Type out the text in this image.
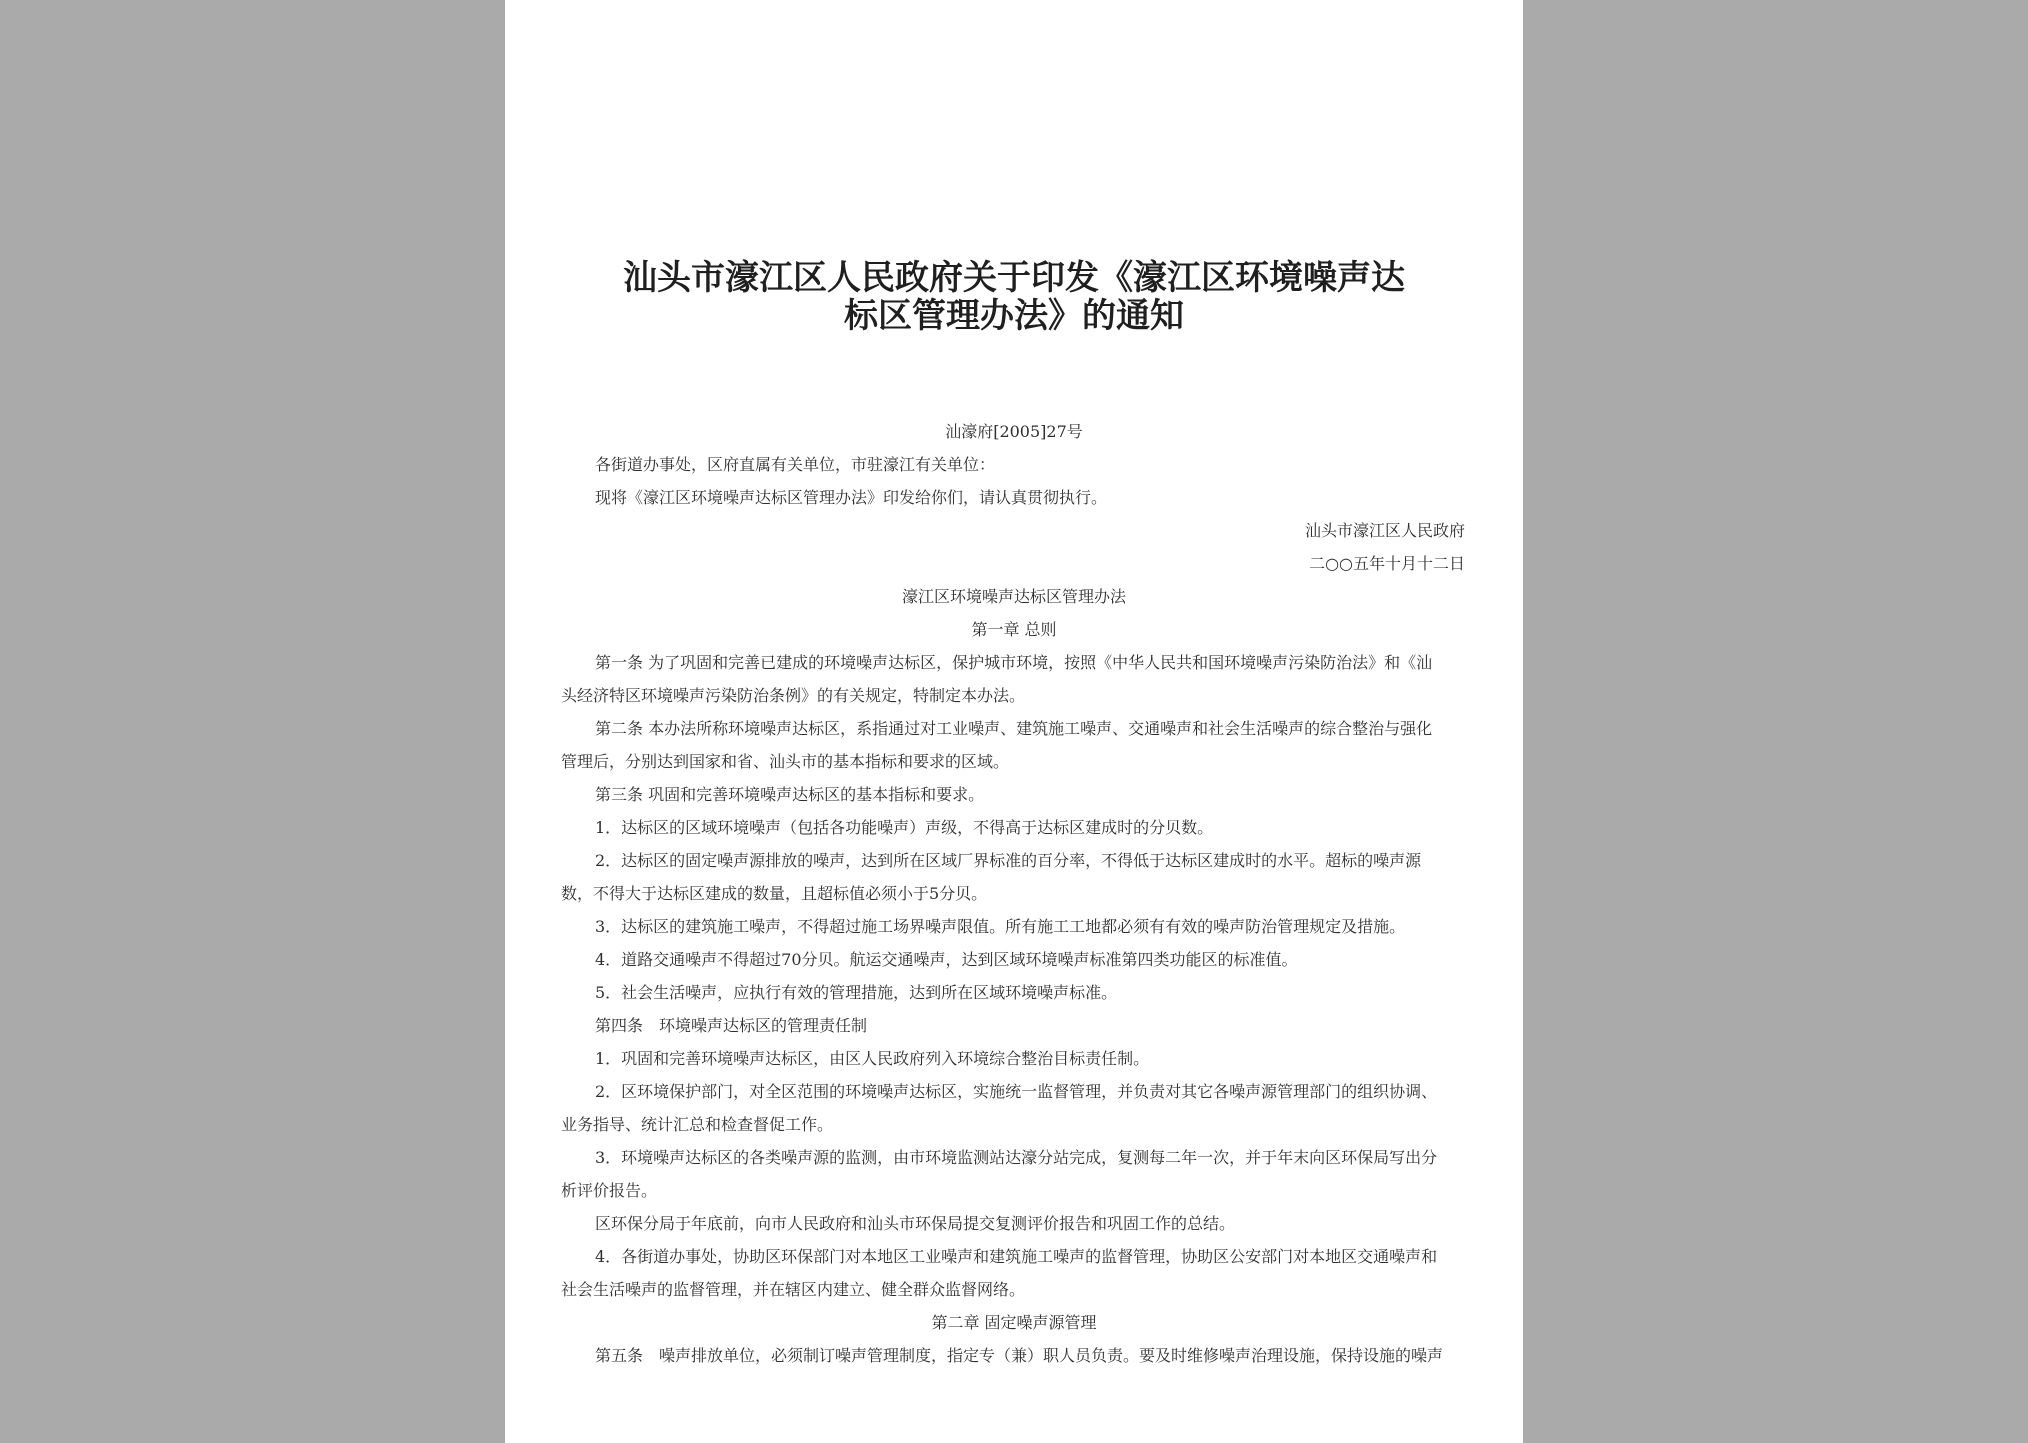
汕头市濠江区人民政府关于印发《濠江区环境噪声达
标区管理办法》的通知
汕濠府[2005]27号
各街道办事处，区府直属有关单位，市驻濠江有关单位：
现将《濠江区环境噪声达标区管理办法》印发给你们，请认真贯彻执行。
汕头市濠江区人民政府
二○○五年十月十二日
濠江区环境噪声达标区管理办法
第一章 总则
第一条 为了巩固和完善已建成的环境噪声达标区，保护城市环境，按照《中华人民共和国环境噪声污染防治法》和《汕
头经济特区环境噪声污染防治条例》的有关规定，特制定本办法。
第二条 本办法所称环境噪声达标区，系指通过对工业噪声、建筑施工噪声、交通噪声和社会生活噪声的综合整治与强化
管理后，分别达到国家和省、汕头市的基本指标和要求的区域。
第三条 巩固和完善环境噪声达标区的基本指标和要求。
1．达标区的区域环境噪声（包括各功能噪声）声级，不得高于达标区建成时的分贝数。
2．达标区的固定噪声源排放的噪声，达到所在区域厂界标准的百分率，不得低于达标区建成时的水平。超标的噪声源
数，不得大于达标区建成的数量，且超标值必须小于5分贝。
3．达标区的建筑施工噪声，不得超过施工场界噪声限值。所有施工工地都必须有有效的噪声防治管理规定及措施。
4．道路交通噪声不得超过70分贝。航运交通噪声，达到区域环境噪声标准第四类功能区的标准值。
5．社会生活噪声，应执行有效的管理措施，达到所在区域环境噪声标准。
第四条　环境噪声达标区的管理责任制
1．巩固和完善环境噪声达标区，由区人民政府列入环境综合整治目标责任制。
2．区环境保护部门，对全区范围的环境噪声达标区，实施统一监督管理，并负责对其它各噪声源管理部门的组织协调、
业务指导、统计汇总和检查督促工作。
3．环境噪声达标区的各类噪声源的监测，由市环境监测站达濠分站完成，复测每二年一次，并于年末向区环保局写出分
析评价报告。
区环保分局于年底前，向市人民政府和汕头市环保局提交复测评价报告和巩固工作的总结。
4．各街道办事处，协助区环保部门对本地区工业噪声和建筑施工噪声的监督管理，协助区公安部门对本地区交通噪声和
社会生活噪声的监督管理，并在辖区内建立、健全群众监督网络。
第二章 固定噪声源管理
第五条　噪声排放单位，必须制订噪声管理制度，指定专（兼）职人员负责。要及时维修噪声治理设施，保持设施的噪声
